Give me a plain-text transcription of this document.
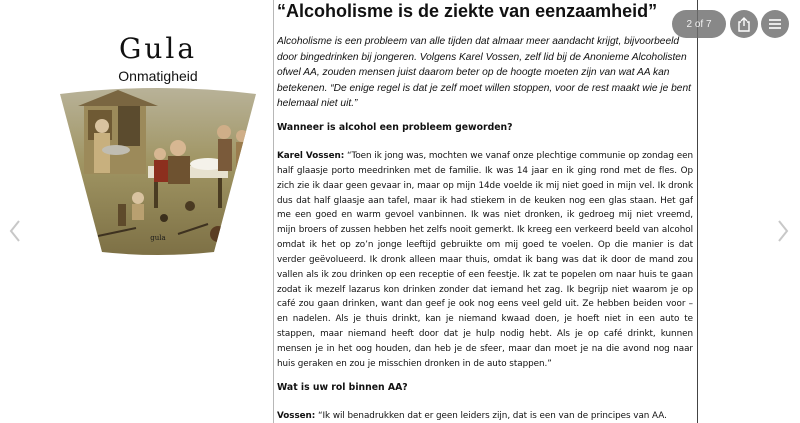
Gula
Onmatigheid
gula
“Alcoholisme is de ziekte van eenzaamheid”

Alcoholisme is een probleem van alle tijden dat almaar meer aandacht krijgt, bijvoorbeeld door bingedrinken bij jongeren. Volgens Karel Vossen, zelf lid bij de Anonieme Alcoholisten ofwel AA, zouden mensen juist daarom beter op de hoogte moeten zijn van wat AA kan betekenen. “De enige regel is dat je zelf moet willen stoppen, voor de rest maakt wie je bent helemaal niet uit.”

Wanneer is alcohol een probleem geworden?

Karel Vossen: “Toen ik jong was, mochten we vanaf onze plechtige communie op zondag een half glaasje porto meedrinken met de familie. Ik was 14 jaar en ik ging rond met de fles. Op zich zie ik daar geen gevaar in, maar op mijn 14de voelde ik mij niet goed in mijn vel. Ik dronk dus dat half glaasje aan tafel, maar ik had stiekem in de keuken nog een glas staan. Het gaf me een goed en warm gevoel vanbinnen. Ik was niet dronken, ik gedroeg mij niet vreemd, mijn broers of zussen hebben het zelfs nooit gemerkt. Ik kreeg een verkeerd beeld van alcohol omdat ik het op zo’n jonge leeftijd gebruikte om mij goed te voelen. Op die manier is dat verder geëvolueerd. Ik dronk alleen maar thuis, omdat ik bang was dat ik door de mand zou vallen als ik zou drinken op een receptie of een feestje. Ik zat te popelen om naar huis te gaan zodat ik mezelf lazarus kon drinken zonder dat iemand het zag. Ik begrijp niet waarom je op café zou gaan drinken, want dan geef je ook nog eens veel geld uit. Ze hebben beiden voor – en nadelen. Als je thuis drinkt, kan je niemand kwaad doen, je hoeft niet in een auto te stappen, maar niemand heeft door dat je hulp nodig hebt. Als je op café drinkt, kunnen mensen je in het oog houden, dan heb je de sfeer, maar dan moet je na die avond nog naar huis geraken en zou je misschien dronken in de auto stappen.”

Wat is uw rol binnen AA?

Vossen: “Ik wil benadrukken dat er geen leiders zijn, dat is een van de principes van AA.

2
of
7
